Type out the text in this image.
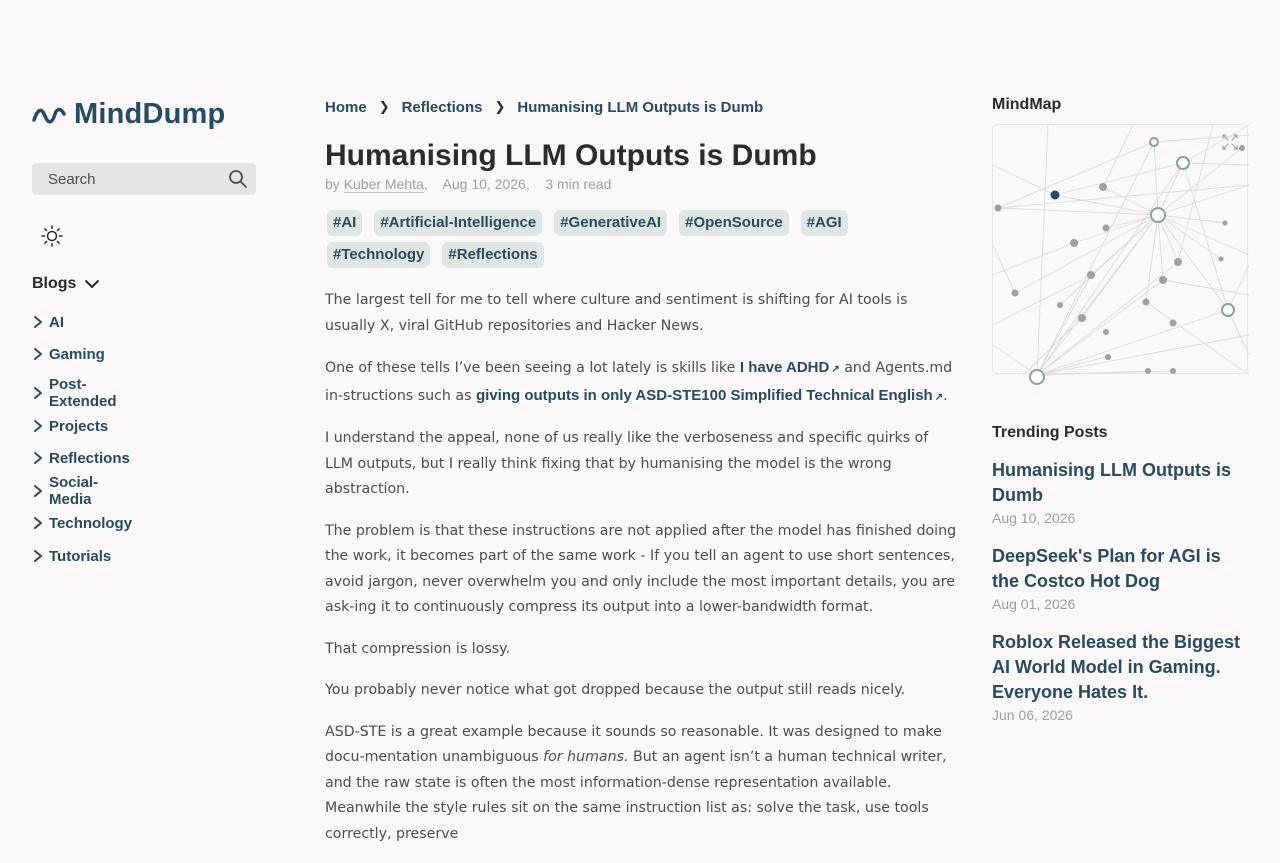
MindDump
Search
Blogs
AI
Gaming
Post-Extended
Projects
Reflections
Social-Media
Technology
Tutorials
Home ❯ Reflections ❯ Humanising LLM Outputs is Dumb
Humanising LLM Outputs is Dumb
by Kuber Mehta,    Aug 10, 2026,    3 min read
#AI	#Artificial-Intelligence	#GenerativeAI	#OpenSource	#AGI
#Technology	#Reflections

The largest tell for me to tell where culture and sentiment is shifting for AI tools is usually X, viral GitHub repositories and Hacker News.

One of these tells I’ve been seeing a lot lately is skills like I have ADHD ↗ and Agents.md in-structions such as giving outputs in only ASD-STE100 Simplified Technical English ↗.

I understand the appeal, none of us really like the verboseness and specific quirks of LLM outputs, but I really think fixing that by humanising the model is the wrong abstraction.

The problem is that these instructions are not applied after the model has finished doing the work, it becomes part of the same work - If you tell an agent to use short sentences, avoid jargon, never overwhelm you and only include the most important details, you are ask-ing it to continuously compress its output into a lower-bandwidth format.

That compression is lossy.

You probably never notice what got dropped because the output still reads nicely.

ASD-STE is a great example because it sounds so reasonable. It was designed to make docu-mentation unambiguous for humans. But an agent isn’t a human technical writer, and the raw state is often the most information-dense representation available. Meanwhile the style rules sit on the same instruction list as: solve the task, use tools correctly, preserve

MindMap
Trending Posts
Humanising LLM Outputs is Dumb
Aug 10, 2026
DeepSeek's Plan for AGI is the Costco Hot Dog
Aug 01, 2026
Roblox Released the Biggest AI World Model in Gaming. Everyone Hates It.
Jun 06, 2026
